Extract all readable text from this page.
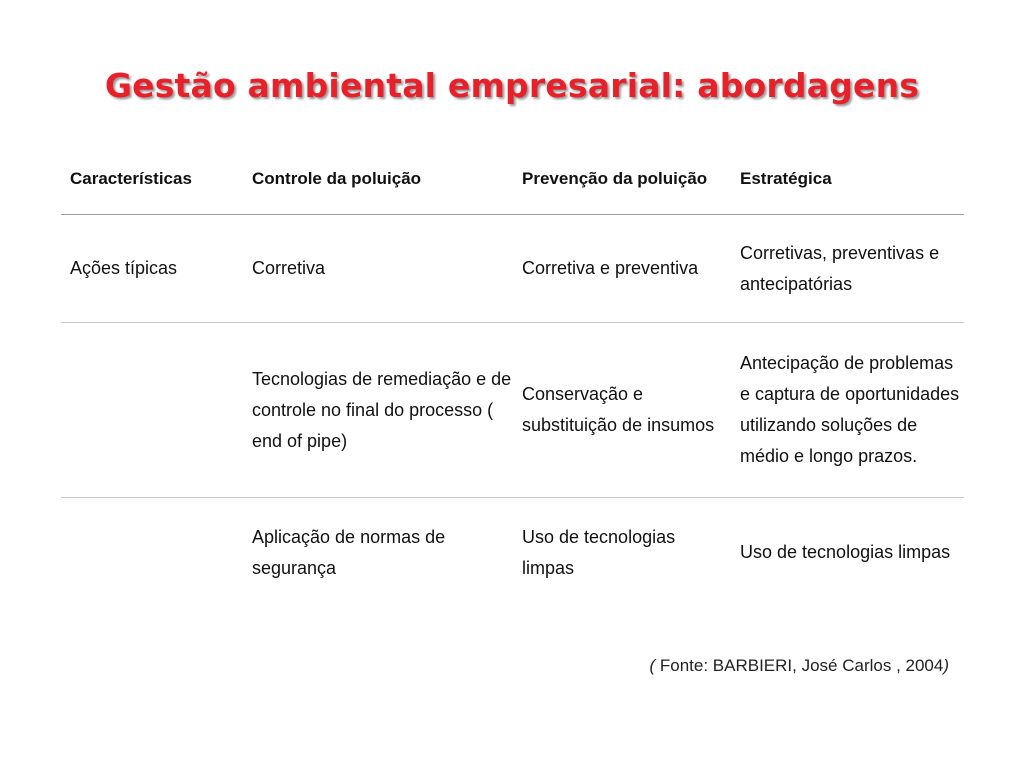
Gestão ambiental empresarial: abordagens
Características	Controle da poluição	Prevenção da poluição	Estratégica
Ações típicas	Corretiva	Corretiva e preventiva	Corretivas, preventivas e antecipatórias
	Tecnologias de remediação e de controle no final do processo ( end of pipe)	Conservação e substituição de insumos	Antecipação de problemas e captura de oportunidades utilizando soluções de médio e longo prazos.
	Aplicação de normas de segurança	Uso de tecnologias limpas	Uso de tecnologias limpas
( Fonte: BARBIERI, José Carlos , 2004)
